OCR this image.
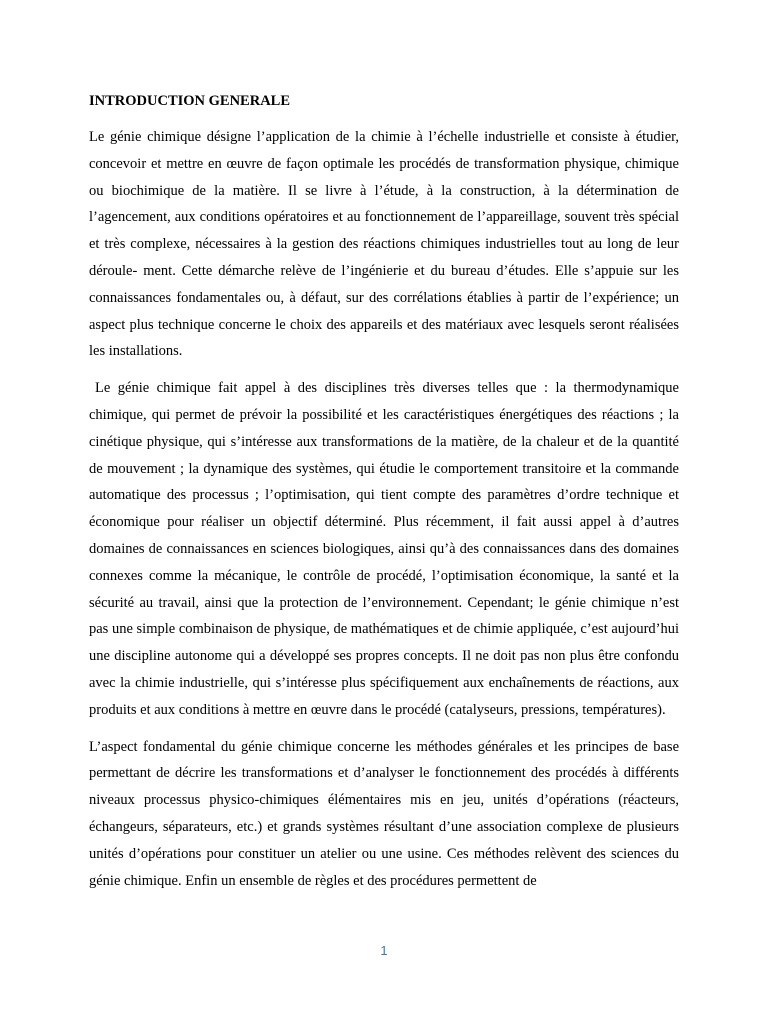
INTRODUCTION GENERALE

Le génie chimique désigne l’application de la chimie à l’échelle industrielle et consiste à étudier, concevoir et mettre en œuvre de façon optimale les procédés de transformation physique, chimique ou biochimique de la matière. Il se livre à l’étude, à la construction, à la détermination de l’agencement, aux conditions opératoires et au fonctionnement de l’appareillage, souvent très spécial et très complexe, nécessaires à la gestion des réactions chimiques industrielles tout au long de leur déroule- ment. Cette démarche relève de l’ingénierie et du bureau d’études. Elle s’appuie sur les connaissances fondamentales ou, à défaut, sur des corrélations établies à partir de l’expérience; un aspect plus technique concerne le choix des appareils et des matériaux avec lesquels seront réalisées les installations.

Le génie chimique fait appel à des disciplines très diverses telles que : la thermodynamique chimique, qui permet de prévoir la possibilité et les caractéristiques énergétiques des réactions ; la cinétique physique, qui s’intéresse aux transformations de la matière, de la chaleur et de la quantité de mouvement ; la dynamique des systèmes, qui étudie le comportement transitoire et la commande automatique des processus ; l’optimisation, qui tient compte des paramètres d’ordre technique et économique pour réaliser un objectif déterminé. Plus récemment, il fait aussi appel à d’autres domaines de connaissances en sciences biologiques, ainsi qu’à des connaissances dans des domaines connexes comme la mécanique, le contrôle de procédé, l’optimisation économique, la santé et la sécurité au travail, ainsi que la protection de l’environnement. Cependant; le génie chimique n’est pas une simple combinaison de physique, de mathématiques et de chimie appliquée, c’est aujourd’hui une discipline autonome qui a développé ses propres concepts. Il ne doit pas non plus être confondu avec la chimie industrielle, qui s’intéresse plus spécifiquement aux enchaînements de réactions, aux produits et aux conditions à mettre en œuvre dans le procédé (catalyseurs, pressions, températures).

L’aspect fondamental du génie chimique concerne les méthodes générales et les principes de base permettant de décrire les transformations et d’analyser le fonctionnement des procédés à différents niveaux processus physico-chimiques élémentaires mis en jeu, unités d’opérations (réacteurs, échangeurs, séparateurs, etc.) et grands systèmes résultant d’une association complexe de plusieurs unités d’opérations pour constituer un atelier ou une usine. Ces méthodes relèvent des sciences du génie chimique. Enfin un ensemble de règles et des procédures permettent de

1
